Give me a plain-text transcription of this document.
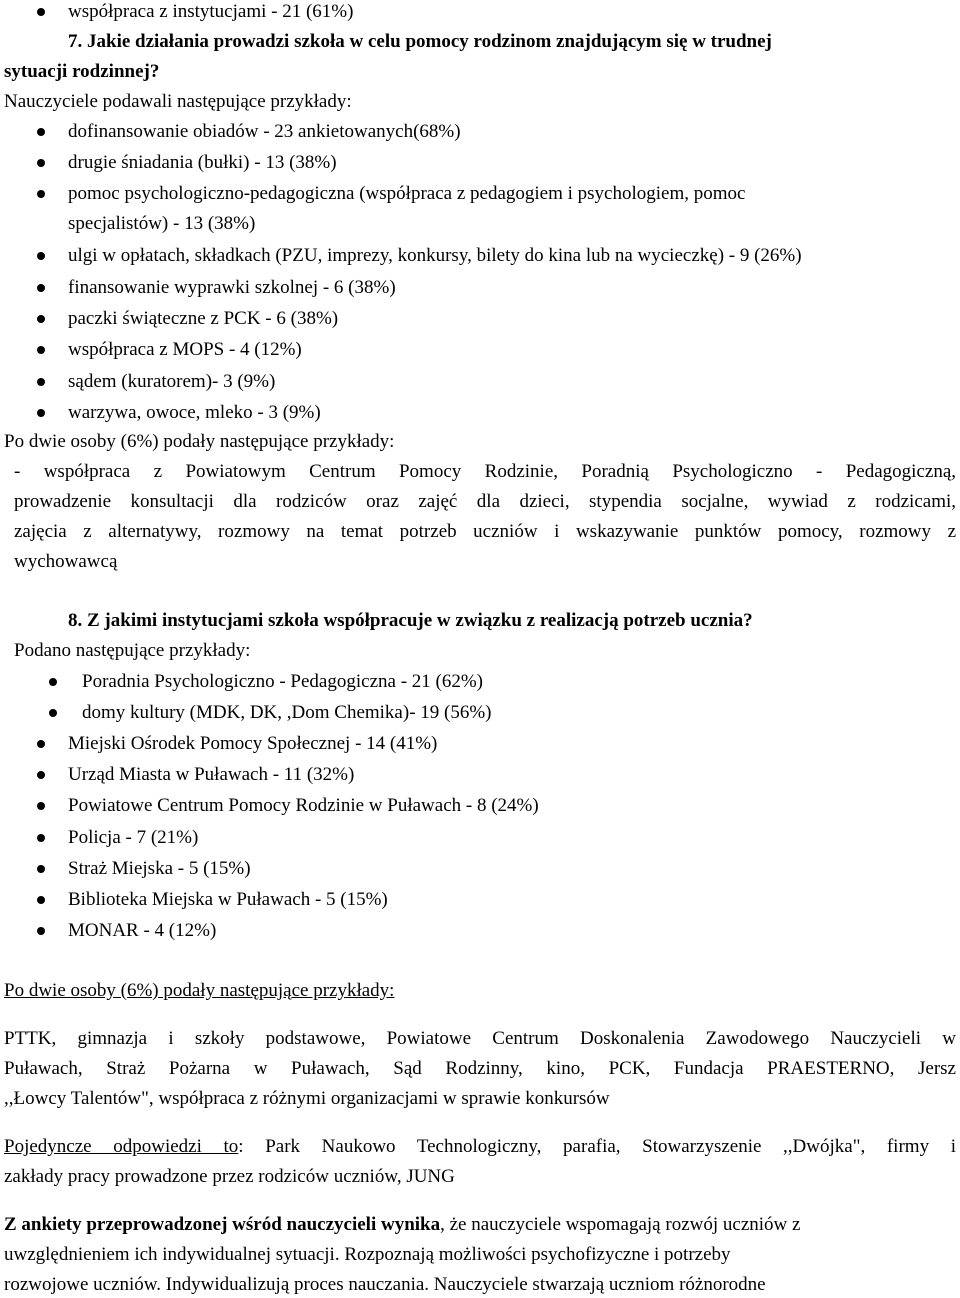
współpraca z instytucjami - 21 (61%)
7. Jakie działania prowadzi szkoła w celu pomocy rodzinom znajdującym się w trudnej
sytuacji rodzinnej?
Nauczyciele podawali następujące przykłady:
dofinansowanie obiadów - 23 ankietowanych(68%)
drugie śniadania (bułki) - 13 (38%)
pomoc psychologiczno-pedagogiczna (współpraca z pedagogiem i psychologiem, pomoc
specjalistów) - 13 (38%)
ulgi w opłatach, składkach (PZU, imprezy, konkursy, bilety do kina lub na wycieczkę) - 9 (26%)
finansowanie wyprawki szkolnej - 6 (38%)
paczki świąteczne z PCK - 6 (38%)
współpraca z MOPS - 4 (12%)
sądem (kuratorem)- 3 (9%)
warzywa, owoce, mleko - 3 (9%)
Po dwie osoby (6%) podały następujące przykłady:
- współpraca z Powiatowym Centrum Pomocy Rodzinie, Poradnią Psychologiczno - Pedagogiczną,
prowadzenie konsultacji dla rodziców oraz zajęć dla dzieci, stypendia socjalne, wywiad z rodzicami,
zajęcia z alternatywy, rozmowy na temat potrzeb uczniów i wskazywanie punktów pomocy, rozmowy z
wychowawcą
8. Z jakimi instytucjami szkoła współpracuje w związku z realizacją potrzeb ucznia?
Podano następujące przykłady:
Poradnia Psychologiczno - Pedagogiczna - 21 (62%)
domy kultury (MDK, DK, ,Dom Chemika)- 19 (56%)
Miejski Ośrodek Pomocy Społecznej - 14 (41%)
Urząd Miasta w Puławach - 11 (32%)
Powiatowe Centrum Pomocy Rodzinie w Puławach - 8 (24%)
Policja - 7 (21%)
Straż Miejska - 5 (15%)
Biblioteka Miejska w Puławach - 5 (15%)
MONAR - 4 (12%)
Po dwie osoby (6%) podały następujące przykłady:
PTTK, gimnazja i szkoły podstawowe, Powiatowe Centrum Doskonalenia Zawodowego Nauczycieli w
Puławach, Straż Pożarna w Puławach, Sąd Rodzinny, kino, PCK, Fundacja PRAESTERNO, Jersz
,,Łowcy Talentów", współpraca z różnymi organizacjami w sprawie konkursów
Pojedyncze odpowiedzi to: Park Naukowo Technologiczny, parafia, Stowarzyszenie ,,Dwójka", firmy i
zakłady pracy prowadzone przez rodziców uczniów, JUNG
Z ankiety przeprowadzonej wśród nauczycieli wynika, że nauczyciele wspomagają rozwój uczniów z
uwzględnieniem ich indywidualnej sytuacji. Rozpoznają możliwości psychofizyczne i potrzeby
rozwojowe uczniów. Indywidualizują proces nauczania. Nauczyciele stwarzają uczniom różnorodne
